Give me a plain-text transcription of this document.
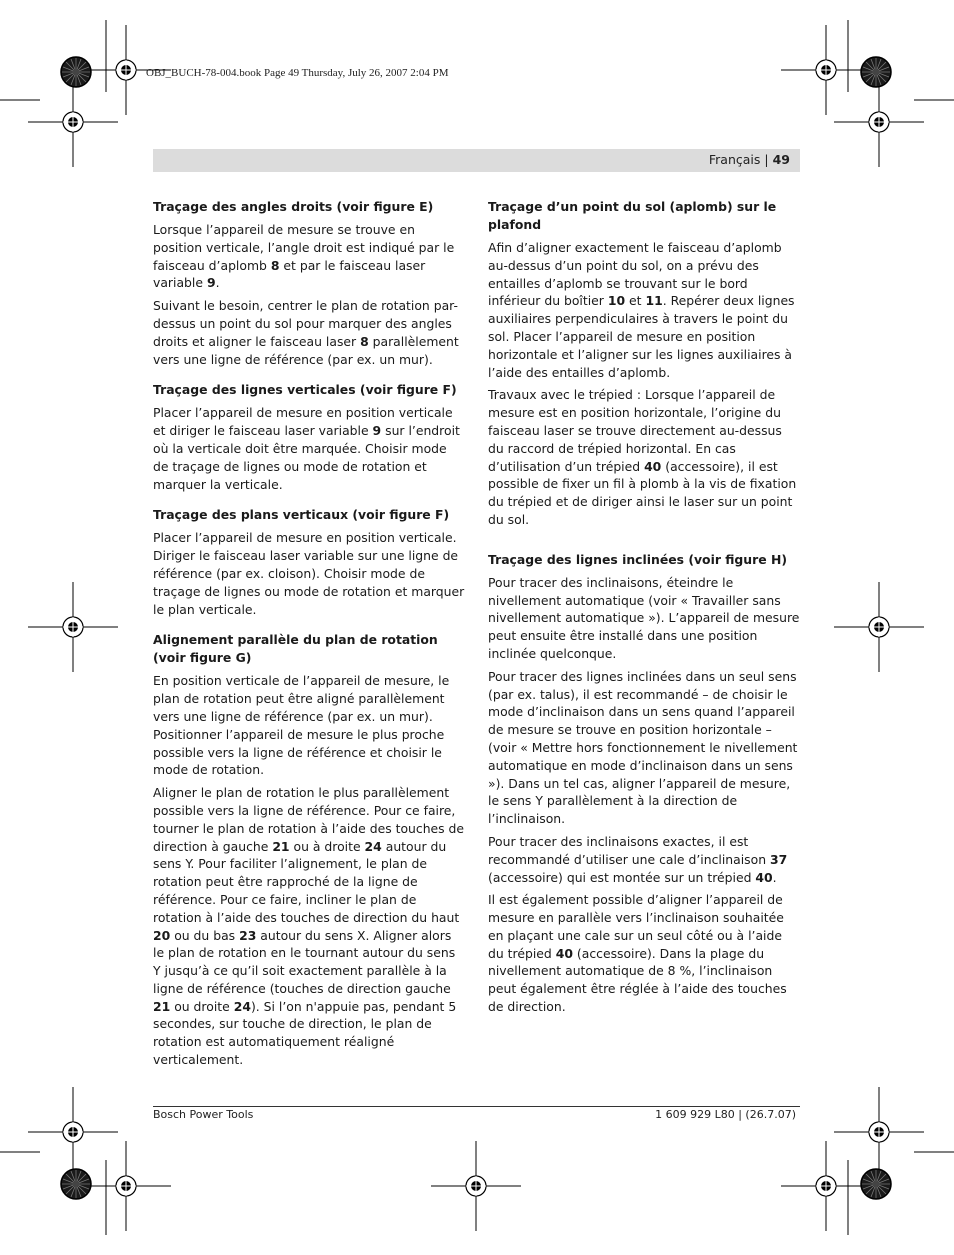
OBJ_BUCH-78-004.book Page 49 Thursday, July 26, 2007 2:04 PM
Français | 49
Traçage des angles droits (voir figure E)

Lorsque l’appareil de mesure se trouve en position verticale, l’angle droit est indiqué par le faisceau d’aplomb 8 et par le faisceau laser variable 9.

Suivant le besoin, centrer le plan de rotation par-dessus un point du sol pour marquer des angles droits et aligner le faisceau laser 8 parallèlement vers une ligne de référence (par ex. un mur).

Traçage des lignes verticales (voir figure F)

Placer l’appareil de mesure en position verticale et diriger le faisceau laser variable 9 sur l’endroit où la verticale doit être marquée. Choisir mode de traçage de lignes ou mode de rotation et marquer la verticale.

Traçage des plans verticaux (voir figure F)

Placer l’appareil de mesure en position verticale. Diriger le faisceau laser variable sur une ligne de référence (par ex. cloison). Choisir mode de traçage de lignes ou mode de rotation et marquer le plan verticale.

Alignement parallèle du plan de rotation (voir figure G)

En position verticale de l’appareil de mesure, le plan de rotation peut être aligné parallèlement vers une ligne de référence (par ex. un mur). Positionner l’appareil de mesure le plus proche possible vers la ligne de référence et choisir le mode de rotation.

Aligner le plan de rotation le plus parallèlement possible vers la ligne de référence. Pour ce faire, tourner le plan de rotation à l’aide des touches de direction à gauche 21 ou à droite 24 autour du sens Y. Pour faciliter l’alignement, le plan de rotation peut être rapproché de la ligne de référence. Pour ce faire, incliner le plan de rotation à l’aide des touches de direction du haut 20 ou du bas 23 autour du sens X. Aligner alors le plan de rotation en le tournant autour du sens Y jusqu’à ce qu’il soit exactement parallèle à la ligne de référence (touches de direction gauche 21 ou droite 24). Si l’on n'appuie pas, pendant 5 secondes, sur touche de direction, le plan de rotation est automatiquement réaligné verticalement.

Traçage d’un point du sol (aplomb) sur le plafond

Afin d’aligner exactement le faisceau d’aplomb au-dessus d’un point du sol, on a prévu des entailles d’aplomb se trouvant sur le bord inférieur du boîtier 10 et 11. Repérer deux lignes auxiliaires perpendiculaires à travers le point du sol. Placer l’appareil de mesure en position horizontale et l’aligner sur les lignes auxiliaires à l’aide des entailles d’aplomb.

Travaux avec le trépied : Lorsque l’appareil de mesure est en position horizontale, l’origine du faisceau laser se trouve directement au-dessus du raccord de trépied horizontal. En cas d’utilisation d’un trépied 40 (accessoire), il est possible de fixer un fil à plomb à la vis de fixation du trépied et de diriger ainsi le laser sur un point du sol.

Traçage des lignes inclinées (voir figure H)

Pour tracer des inclinaisons, éteindre le nivellement automatique (voir « Travailler sans nivellement automatique »). L’appareil de mesure peut ensuite être installé dans une position inclinée quelconque.

Pour tracer des lignes inclinées dans un seul sens (par ex. talus), il est recommandé – de choisir le mode d’inclinaison dans un sens quand l’appareil de mesure se trouve en position horizontale – (voir « Mettre hors fonctionnement le nivellement automatique en mode d’inclinaison dans un sens »). Dans un tel cas, aligner l’appareil de mesure, le sens Y parallèlement à la direction de l’inclinaison.

Pour tracer des inclinaisons exactes, il est recommandé d’utiliser une cale d’inclinaison 37 (accessoire) qui est montée sur un trépied 40.

Il est également possible d’aligner l’appareil de mesure en parallèle vers l’inclinaison souhaitée en plaçant une cale sur un seul côté ou à l’aide du trépied 40 (accessoire). Dans la plage du nivellement automatique de 8 %, l’inclinaison peut également être réglée à l’aide des touches de direction.

Bosch Power Tools	1 609 929 L80 | (26.7.07)
